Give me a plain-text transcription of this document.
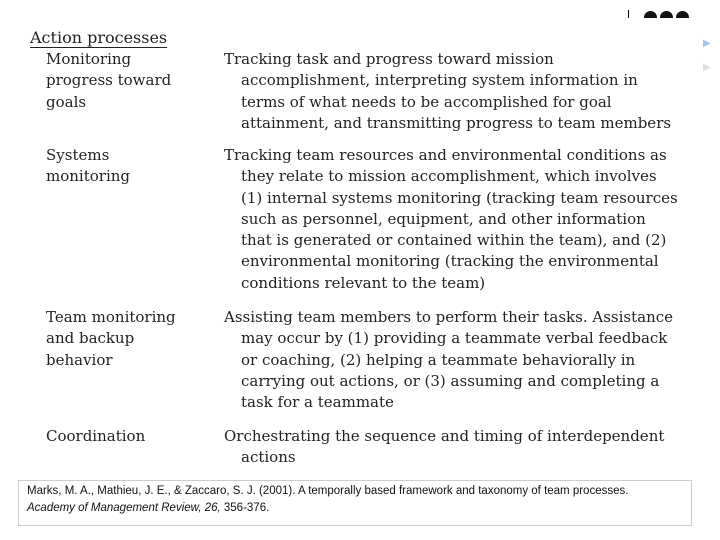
▶
▶
Action processes
Monitoring
progress toward
goals
Tracking task and progress toward mission
accomplishment, interpreting system information in
terms of what needs to be accomplished for goal
attainment, and transmitting progress to team members
Systems
monitoring
Tracking team resources and environmental conditions as
they relate to mission accomplishment, which involves
(1) internal systems monitoring (tracking team resources
such as personnel, equipment, and other information
that is generated or contained within the team), and (2)
environmental monitoring (tracking the environmental
conditions relevant to the team)
Team monitoring
and backup
behavior
Assisting team members to perform their tasks. Assistance
may occur by (1) providing a teammate verbal feedback
or coaching, (2) helping a teammate behaviorally in
carrying out actions, or (3) assuming and completing a
task for a teammate
Coordination	Orchestrating the sequence and timing of interdependent
actions
Marks, M. A., Mathieu, J. E., & Zaccaro, S. J. (2001). A temporally based framework and taxonomy of team processes.
Academy of Management Review, 26, 356-376.
